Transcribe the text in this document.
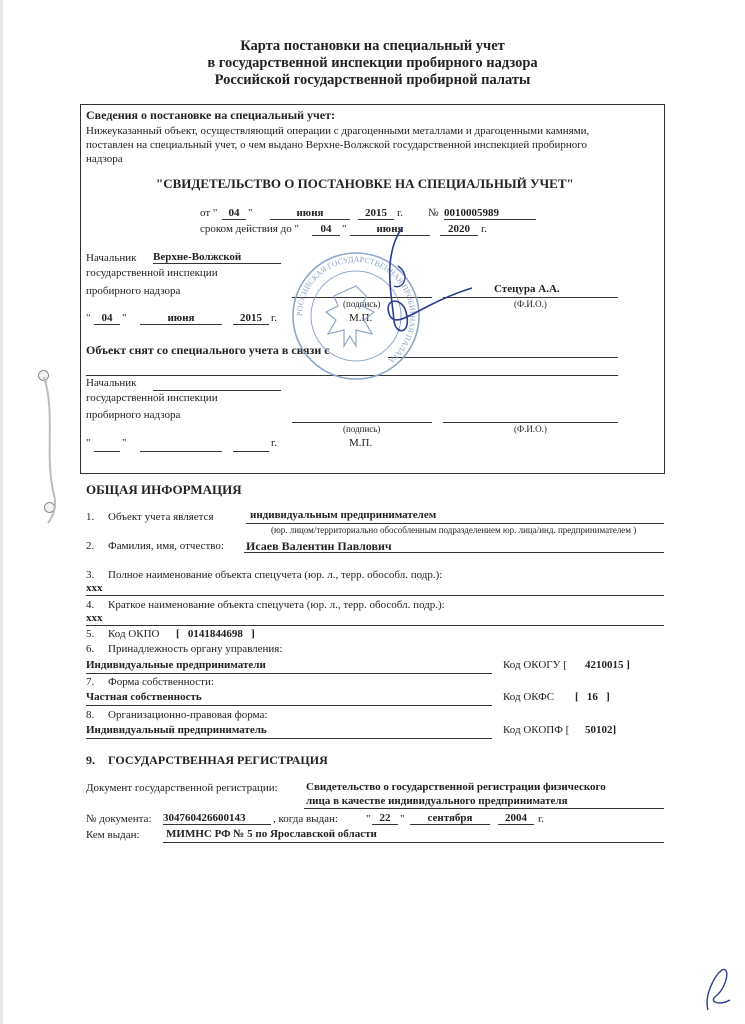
Карта постановки на специальный учет
в государственной инспекции пробирного надзора
Российской государственной пробирной палаты
Сведения о постановке на специальный учет:
Нижеуказанный объект, осуществляющий операции с драгоценными металлами и драгоценными камнями,
поставлен на специальный учет, о чем выдано Верхне-Волжской государственной инспекцией пробирного
надзора
"СВИДЕТЕЛЬСТВО О ПОСТАНОВКЕ НА СПЕЦИАЛЬНЫЙ УЧЕТ"
от "	04 "	июня	2015 г. № 0010005989
сроком действия до "	04 "	июня	2020	г.
Начальник Верхне-Волжской
государственной инспекции
пробирного надзора	Стецура А.А.
(подпись)	(Ф.И.О.)
"	04 "	июня	2015 г.	М.П.
Объект снят со специального учета в связи с
Начальник
государственной инспекции
пробирного надзора
(подпись)	(Ф.И.О.)
"	"	г.	М.П.
РОССИЙСКАЯ ГОСУДАРСТВЕННАЯ ПРОБИРНАЯ ПАЛАТА
ОБЩАЯ ИНФОРМАЦИЯ
1. Объект учета является	индивидуальным предпринимателем
(юр. лицом/территориально обособленным подразделением юр. лица/инд. предпринимателем )
2. Фамилия, имя, отчество: Исаев Валентин Павлович
3. Полное наименование объекта спецучета (юр. л., терр. обособл. подр.):
ххх
4. Краткое наименование объекта спецучета (юр. л., терр. обособл. подр.):
ххх
5. Код ОКПО [   0141844698   ]
6. Принадлежность органу управления:
Индивидуальные предприниматели	Код ОКОГУ [ 4210015 ]
7. Форма собственности:
Частная собственность	Код ОКФС [   16   ]
8. Организационно-правовая форма:
Индивидуальный предприниматель	Код ОКОПФ [ 50102]
9. ГОСУДАРСТВЕННАЯ РЕГИСТРАЦИЯ
Документ государственной регистрации:	Свидетельство о государственной регистрации физического
лица в качестве индивидуального предпринимателя
№ документа: 304760426600143	, когда выдан:	" 22 "	сентября	2004	г.
Кем выдан: МИМНС РФ № 5 по Ярославской области
